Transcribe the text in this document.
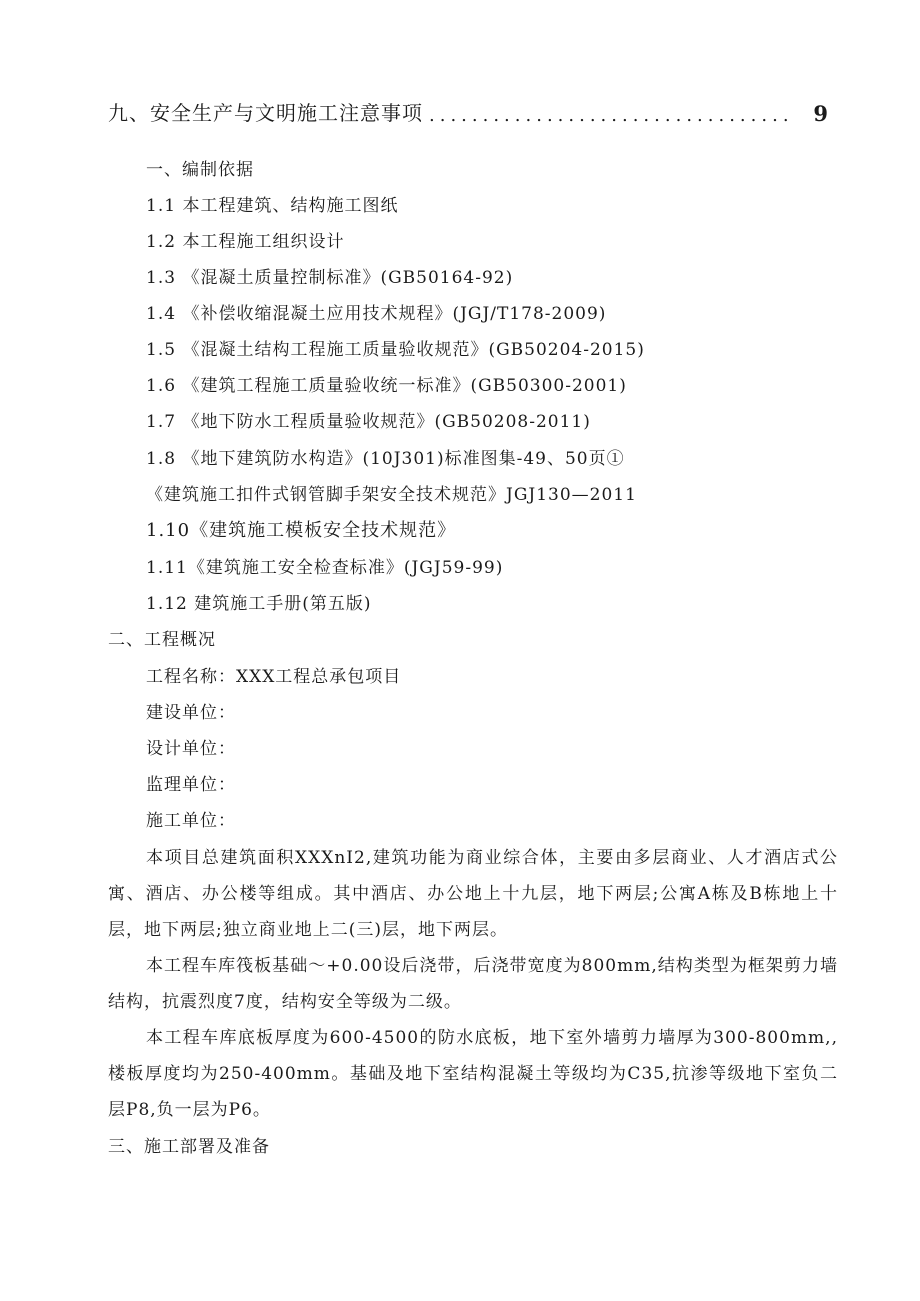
九、安全生产与文明施工注意事项 .................................. 9
一、编制依据
1.1 本工程建筑、结构施工图纸
1.2 本工程施工组织设计
1.3 《混凝土质量控制标准》(GB50164-92)
1.4 《补偿收缩混凝土应用技术规程》(JGJ/T178-2009)
1.5 《混凝土结构工程施工质量验收规范》(GB50204-2015)
1.6 《建筑工程施工质量验收统一标准》(GB50300-2001)
1.7 《地下防水工程质量验收规范》(GB50208-2011)
1.8 《地下建筑防水构造》(10J301)标准图集-49、50页①
《建筑施工扣件式钢管脚手架安全技术规范》JGJ130—2011
1.10《建筑施工模板安全技术规范》
1.11《建筑施工安全检查标准》(JGJ59-99)
1.12 建筑施工手册(第五版)
二、工程概况
工程名称：XXX工程总承包项目
建设单位：
设计单位：
监理单位：
施工单位：
本项目总建筑面积XXXnI2,建筑功能为商业综合体，主要由多层商业、人才酒店式公寓、酒店、办公楼等组成。其中酒店、办公地上十九层，地下两层;公寓A栋及B栋地上十层，地下两层;独立商业地上二(三)层，地下两层。
本工程车库筏板基础～+0.00设后浇带，后浇带宽度为800mm,结构类型为框架剪力墙结构，抗震烈度7度，结构安全等级为二级。
本工程车库底板厚度为600-4500的防水底板，地下室外墙剪力墙厚为300-800mm,,楼板厚度均为250-400mm。基础及地下室结构混凝土等级均为C35,抗渗等级地下室负二层P8,负一层为P6。
三、施工部署及准备
